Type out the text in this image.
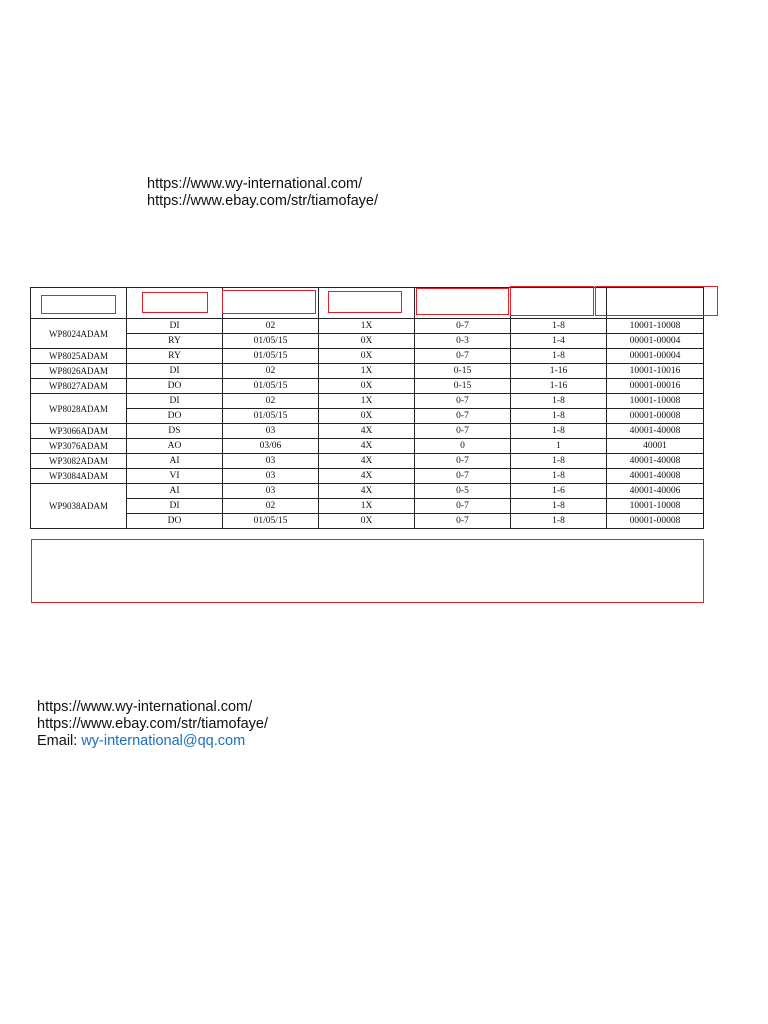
https://www.wy-international.com/
https://www.ebay.com/str/tiamofaye/

WP8024ADAM	DI	02	1X	0-7	1-8	10001-10008
	RY	01/05/15	0X	0-3	1-4	00001-00004
WP8025ADAM	RY	01/05/15	0X	0-7	1-8	00001-00004
WP8026ADAM	DI	02	1X	0-15	1-16	10001-10016
WP8027ADAM	DO	01/05/15	0X	0-15	1-16	00001-00016
WP8028ADAM	DI	02	1X	0-7	1-8	10001-10008
	DO	01/05/15	0X	0-7	1-8	00001-00008
WP3066ADAM	DS	03	4X	0-7	1-8	40001-40008
WP3076ADAM	AO	03/06	4X	0	1	40001
WP3082ADAM	AI	03	4X	0-7	1-8	40001-40008
WP3084ADAM	VI	03	4X	0-7	1-8	40001-40008
WP9038ADAM	AI	03	4X	0-5	1-6	40001-40006
	DI	02	1X	0-7	1-8	10001-10008
	DO	01/05/15	0X	0-7	1-8	00001-00008
https://www.wy-international.com/
https://www.ebay.com/str/tiamofaye/
Email: wy-international@qq.com
